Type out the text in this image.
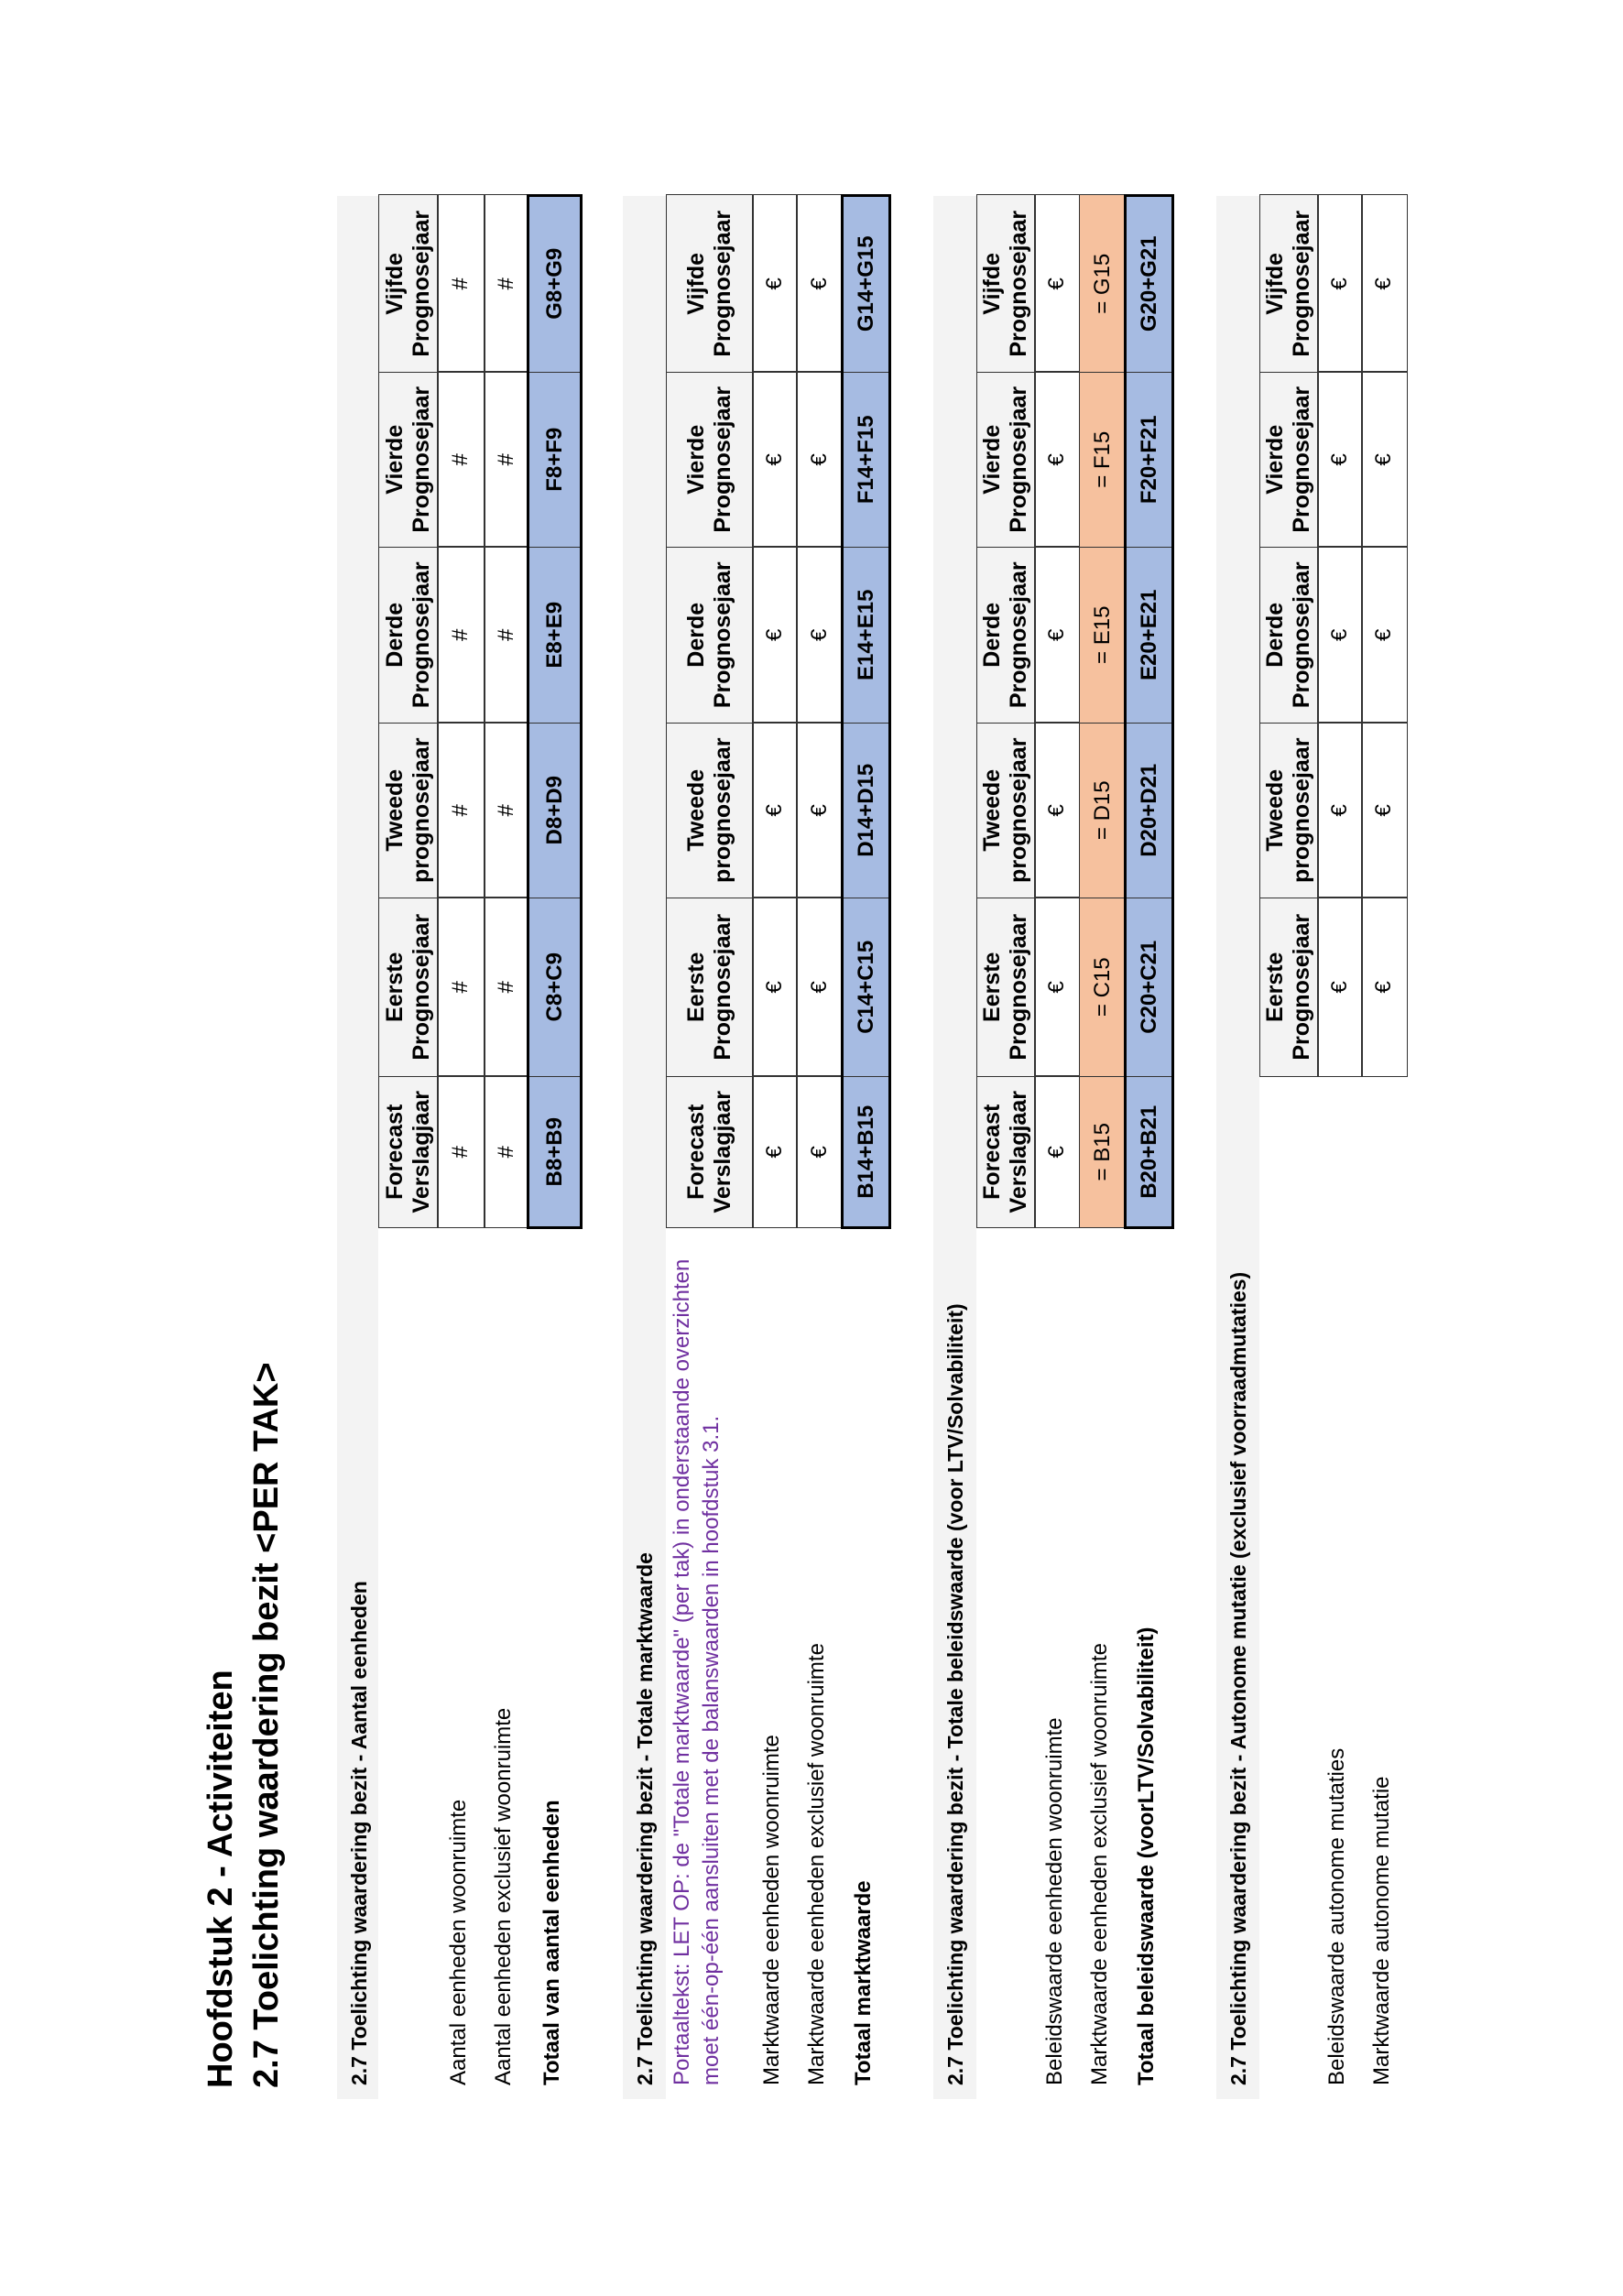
Hoofdstuk 2 - Activiteiten 2.7 Toelichting waardering bezit <PER TAK>	2.7 Toelichting waardering bezit - Aantal eenheden
Forecast
Verslagjaar
Eerste
Prognosejaar
Tweede
prognosejaar
Derde
Prognosejaar
Vierde
Prognosejaar
Vijfde
Prognosejaar
Aantal eenheden woonruimte
#
#
#
#
#
#
Aantal eenheden exclusief woonruimte
#
#
#
#
#
#
Totaal van aantal eenheden
B8+B9
C8+C9
D8+D9
E8+E9
F8+F9
G8+G9
2.7 Toelichting waardering bezit - Totale marktwaarde Portaaltekst: LET OP: de "Totale marktwaarde" (per tak) in onderstaande overzichten moet één-op-één aansluiten met de balanswaarden in hoofdstuk 3.1.
Forecast
Verslagjaar
Eerste
Prognosejaar
Tweede
prognosejaar
Derde
Prognosejaar
Vierde
Prognosejaar
Vijfde
Prognosejaar
Marktwaarde eenheden woonruimte
€
€
€
€
€
€
Marktwaarde eenheden exclusief woonruimte
€
€
€
€
€
€
Totaal marktwaarde
B14+B15
C14+C15
D14+D15
E14+E15
F14+F15
G14+G15
2.7 Toelichting waardering bezit - Totale beleidswaarde (voor LTV/Solvabiliteit)
Forecast
Verslagjaar
Eerste
Prognosejaar
Tweede
prognosejaar
Derde
Prognosejaar
Vierde
Prognosejaar
Vijfde
Prognosejaar
Beleidswaarde eenheden woonruimte
€
€
€
€
€
€
Marktwaarde eenheden exclusief woonruimte
= B15
= C15
= D15
= E15
= F15
= G15
Totaal beleidswaarde (voorLTV/Solvabiliteit)
B20+B21
C20+C21
D20+D21
E20+E21
F20+F21
G20+G21
2.7 Toelichting waardering bezit - Autonome mutatie (exclusief voorraadmutaties)
Eerste
Prognosejaar
Tweede
prognosejaar
Derde
Prognosejaar
Vierde
Prognosejaar
Vijfde
Prognosejaar
Beleidswaarde autonome mutaties
€
€
€
€
€
Marktwaarde autonome mutatie
€
€
€
€
€
